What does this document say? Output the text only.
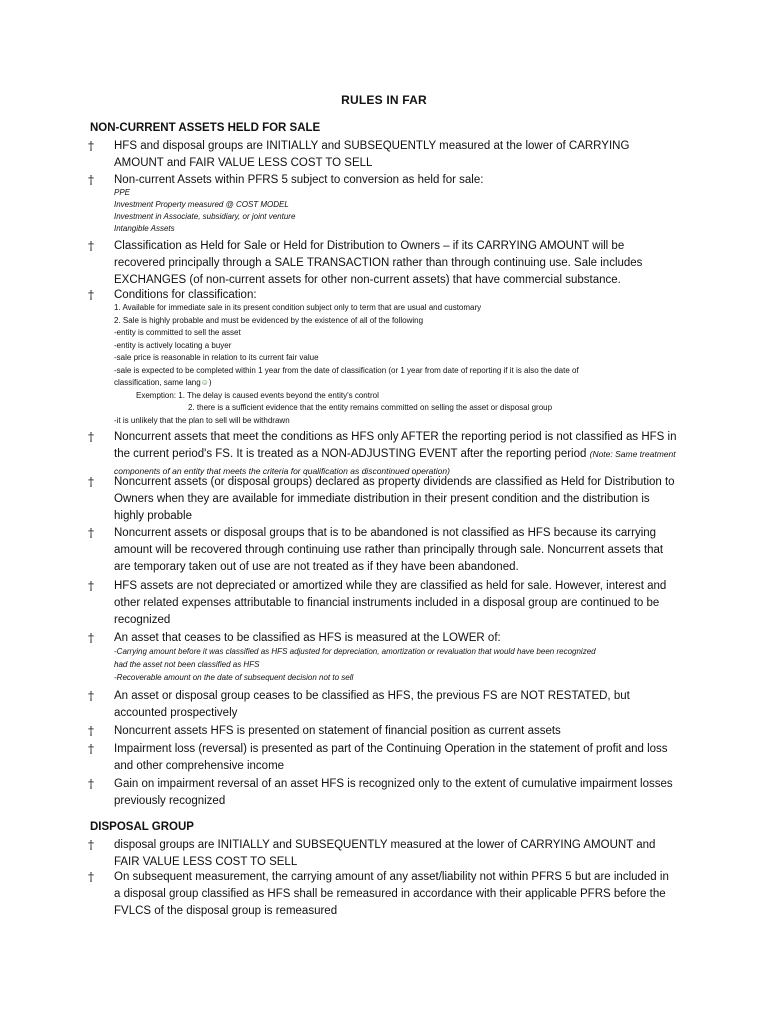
RULES IN FAR
NON-CURRENT ASSETS HELD FOR SALE
† HFS and disposal groups are INITIALLY and SUBSEQUENTLY measured at the lower of CARRYING AMOUNT and FAIR VALUE LESS COST TO SELL
† Non-current Assets within PFRS 5 subject to conversion as held for sale:
PPE
Investment Property measured @ COST MODEL
Investment in Associate, subsidiary, or joint venture
Intangible Assets
† Classification as Held for Sale or Held for Distribution to Owners – if its CARRYING AMOUNT will be recovered principally through a SALE TRANSACTION rather than through continuing use. Sale includes EXCHANGES (of non-current assets for other non-current assets) that have commercial substance.
† Conditions for classification:
1. Available for immediate sale in its present condition subject only to term that are usual and customary
2. Sale is highly probable and must be evidenced by the existence of all of the following
-entity is committed to sell the asset
-entity is actively locating a buyer
-sale price is reasonable in relation to its current fair value
-sale is expected to be completed within 1 year from the date of classification (or 1 year from date of reporting if it is also the date of
classification, same lang☺)
Exemption: 1. The delay is caused events beyond the entity's control
2. there is a sufficient evidence that the entity remains committed on selling the asset or disposal group
-it is unlikely that the plan to sell will be withdrawn
† Noncurrent assets that meet the conditions as HFS only AFTER the reporting period is not classified as HFS in the current period's FS. It is treated as a NON-ADJUSTING EVENT after the reporting period (Note: Same treatment components of an entity that meets the criteria for qualification as discontinued operation)
† Noncurrent assets (or disposal groups) declared as property dividends are classified as Held for Distribution to Owners when they are available for immediate distribution in their present condition and the distribution is highly probable
† Noncurrent assets or disposal groups that is to be abandoned is not classified as HFS because its carrying amount will be recovered through continuing use rather than principally through sale. Noncurrent assets that are temporary taken out of use are not treated as if they have been abandoned.
† HFS assets are not depreciated or amortized while they are classified as held for sale. However, interest and other related expenses attributable to financial instruments included in a disposal group are continued to be recognized
† An asset that ceases to be classified as HFS is measured at the LOWER of:
-Carrying amount before it was classified as HFS adjusted for depreciation, amortization or revaluation that would have been recognized
had the asset not been classified as HFS
-Recoverable amount on the date of subsequent decision not to sell
† An asset or disposal group ceases to be classified as HFS, the previous FS are NOT RESTATED, but accounted prospectively
† Noncurrent assets HFS is presented on statement of financial position as current assets
† Impairment loss (reversal) is presented as part of the Continuing Operation in the statement of profit and loss and other comprehensive income
† Gain on impairment reversal of an asset HFS is recognized only to the extent of cumulative impairment losses previously recognized
DISPOSAL GROUP
† disposal groups are INITIALLY and SUBSEQUENTLY measured at the lower of CARRYING AMOUNT and FAIR VALUE LESS COST TO SELL
† On subsequent measurement, the carrying amount of any asset/liability not within PFRS 5 but are included in a disposal group classified as HFS shall be remeasured in accordance with their applicable PFRS before the FVLCS of the disposal group is remeasured
